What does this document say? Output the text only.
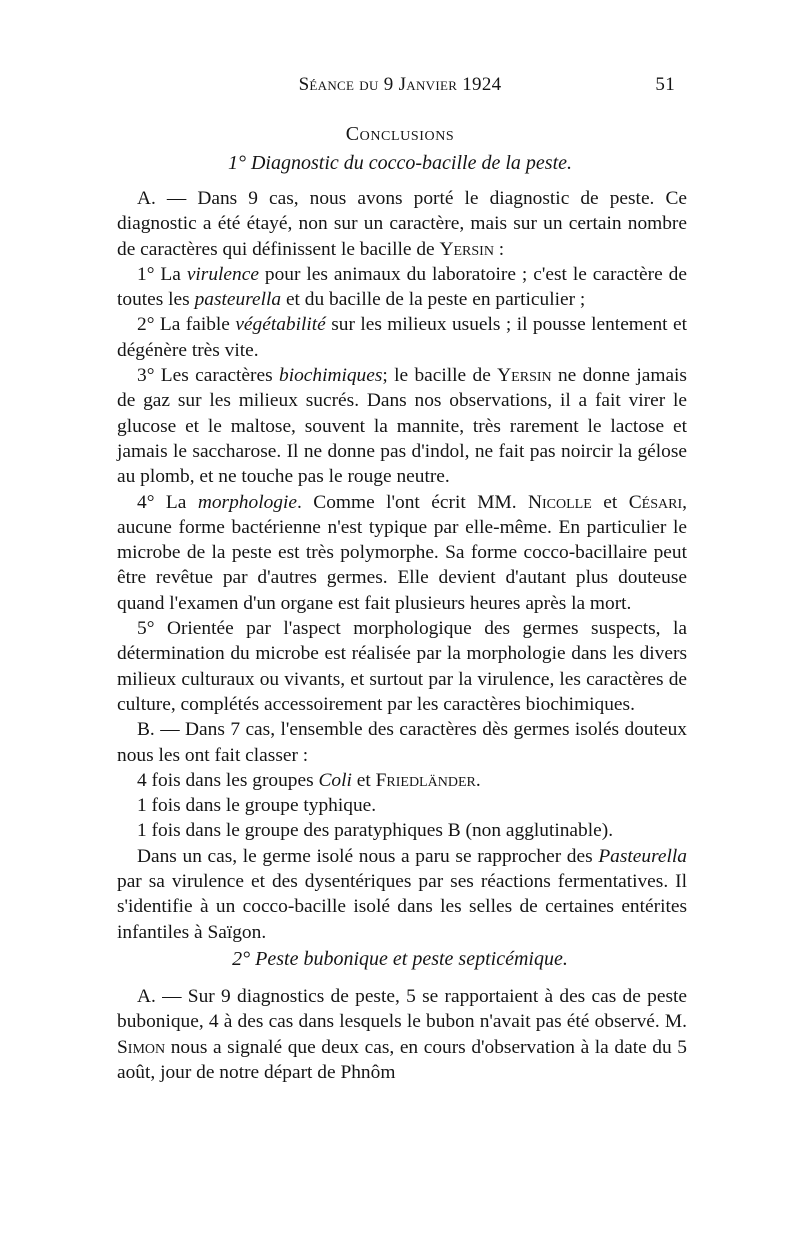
Séance du 9 Janvier 1924	51
Conclusions
1° Diagnostic du cocco-bacille de la peste.

A. — Dans 9 cas, nous avons porté le diagnostic de peste. Ce diagnostic a été étayé, non sur un caractère, mais sur un certain nombre de caractères qui définissent le bacille de Yersin :

1° La virulence pour les animaux du laboratoire ; c'est le caractère de toutes les pasteurella et du bacille de la peste en particulier ;

2° La faible végétabilité sur les milieux usuels ; il pousse lentement et dégénère très vite.

3° Les caractères biochimiques; le bacille de Yersin ne donne jamais de gaz sur les milieux sucrés. Dans nos observations, il a fait virer le glucose et le maltose, souvent la mannite, très rarement le lactose et jamais le saccharose. Il ne donne pas d'indol, ne fait pas noircir la gélose au plomb, et ne touche pas le rouge neutre.

4° La morphologie. Comme l'ont écrit MM. Nicolle et Césari, aucune forme bactérienne n'est typique par elle-même. En particulier le microbe de la peste est très polymorphe. Sa forme cocco-bacillaire peut être revêtue par d'autres germes. Elle devient d'autant plus douteuse quand l'examen d'un organe est fait plusieurs heures après la mort.

5° Orientée par l'aspect morphologique des germes suspects, la détermination du microbe est réalisée par la morphologie dans les divers milieux culturaux ou vivants, et surtout par la virulence, les caractères de culture, complétés accessoirement par les caractères biochimiques.

B. — Dans 7 cas, l'ensemble des caractères dès germes isolés douteux nous les ont fait classer :

4 fois dans les groupes Coli et Friedländer.

1 fois dans le groupe typhique.

1 fois dans le groupe des paratyphiques B (non agglutinable).

Dans un cas, le germe isolé nous a paru se rapprocher des Pasteurella par sa virulence et des dysentériques par ses réactions fermentatives. Il s'identifie à un cocco-bacille isolé dans les selles de certaines entérites infantiles à Saïgon.

2° Peste bubonique et peste septicémique.

A. — Sur 9 diagnostics de peste, 5 se rapportaient à des cas de peste bubonique, 4 à des cas dans lesquels le bubon n'avait pas été observé. M. Simon nous a signalé que deux cas, en cours d'observation à la date du 5 août, jour de notre départ de Phnôm
